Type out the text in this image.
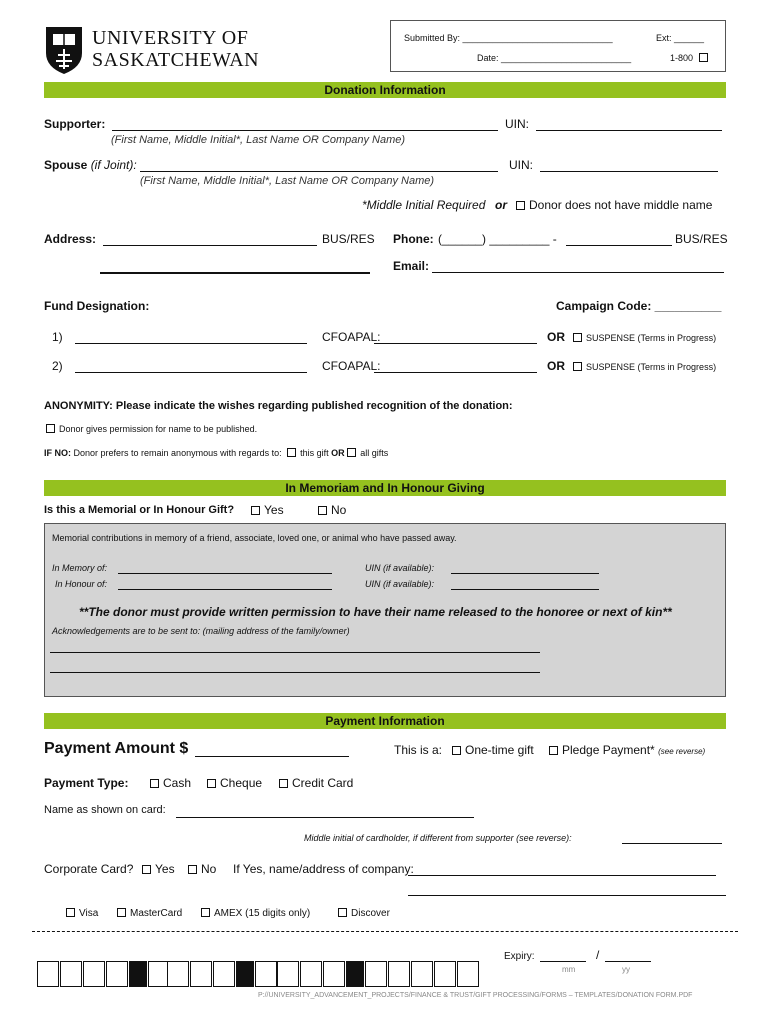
UNIVERSITY OF
SASKATCHEWAN
Submitted By: ______________________________	Ext: ______
Date: __________________________	1-800
Donation Information
Supporter:	UIN:
(First Name, Middle Initial*, Last Name OR Company Name)
Spouse (if Joint):	UIN:
(First Name, Middle Initial*, Last Name OR Company Name)
*Middle Initial Required or	Donor does not have middle name
Address:	BUS/RES Phone: (______) _________ -	BUS/RES
Email:
Fund Designation:	Campaign Code: __________
1)	CFOAPAL:	OR	SUSPENSE (Terms in Progress)
2)	CFOAPAL:	OR	SUSPENSE (Terms in Progress)
ANONYMITY: Please indicate the wishes regarding published recognition of the donation:
Donor gives permission for name to be published.
IF NO: Donor prefers to remain anonymous with regards to: this gift OR all gifts
In Memoriam and In Honour Giving
Is this a Memorial or In Honour Gift?	Yes	No
Memorial contributions in memory of a friend, associate, loved one, or animal who have passed away.
In Memory of:	UIN (if available):
In Honour of:	UIN (if available):
**The donor must provide written permission to have their name released to the honoree or next of kin**
Acknowledgements are to be sent to: (mailing address of the family/owner)
Payment Information
Payment Amount $	This is a:	One-time gift	Pledge Payment* (see reverse)
Payment Type:	Cash	Cheque	Credit Card
Name as shown on card:
Middle initial of cardholder, if different from supporter (see reverse):
Corporate Card?	Yes	No If Yes, name/address of company:
Visa	MasterCard	AMEX (15 digits only)	Discover
Expiry:	/
mm	yy
P://UNIVERSITY_ADVANCEMENT_PROJECTS/FINANCE & TRUST/GIFT PROCESSING/FORMS – TEMPLATES/DONATION FORM.PDF
